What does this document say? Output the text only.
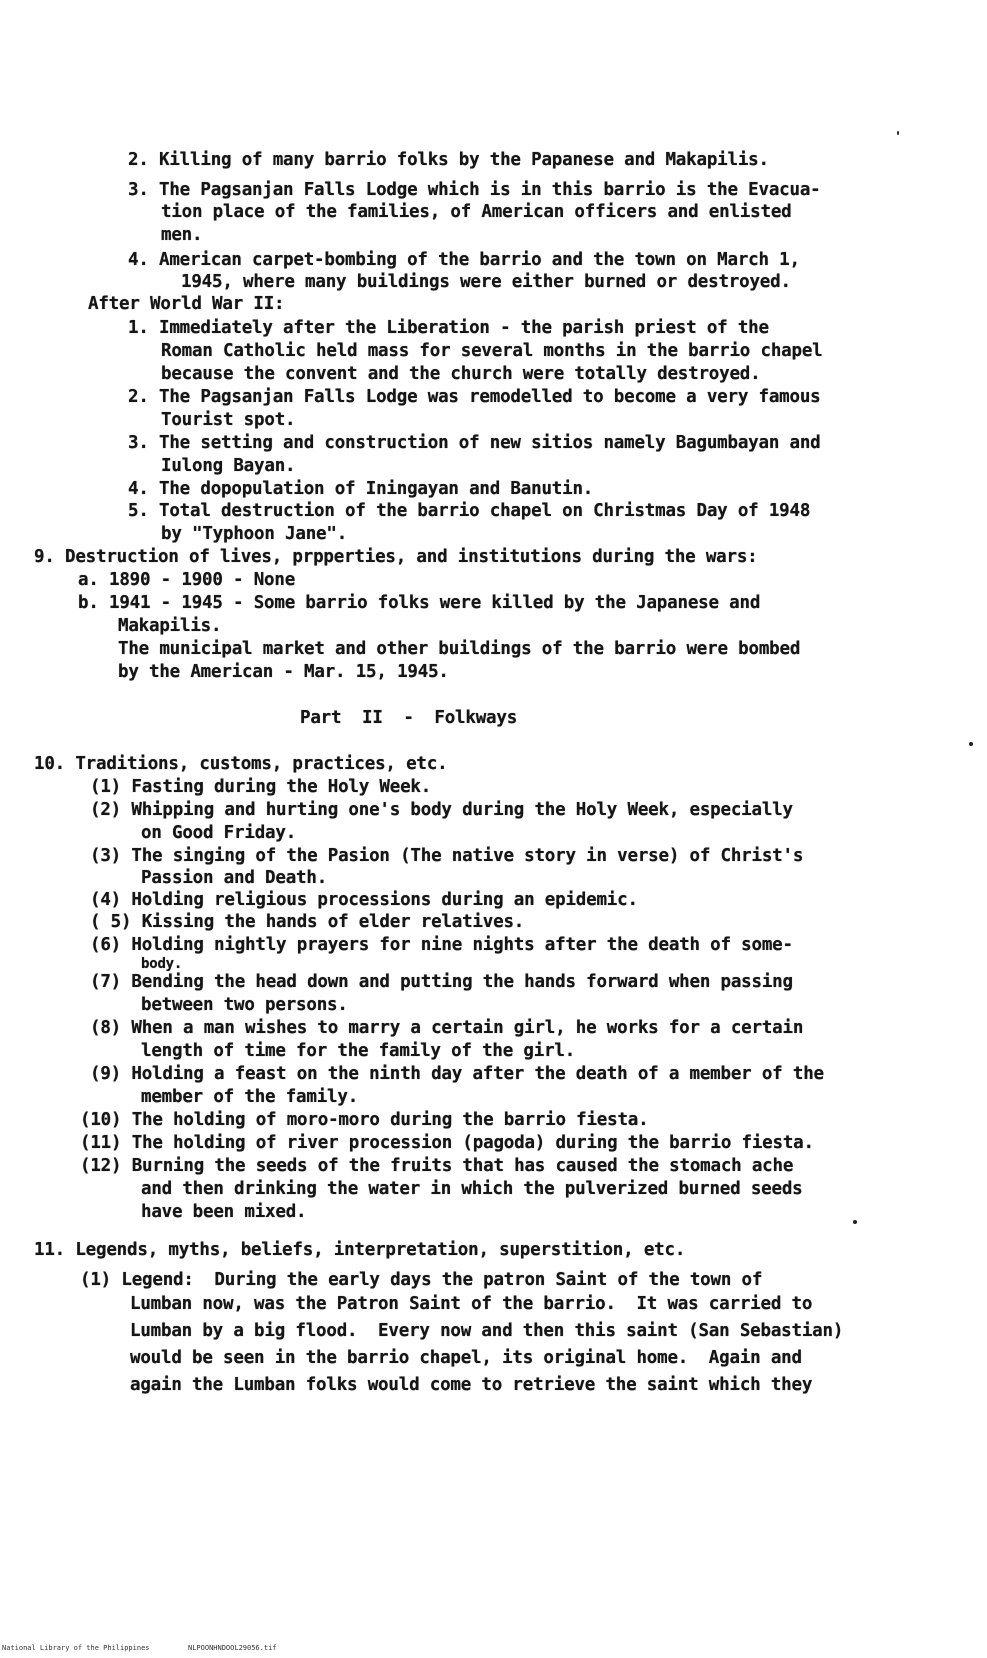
2. Killing of many barrio folks by the Papanese and Makapilis.
3. The Pagsanjan Falls Lodge which is in this barrio is the Evacua-
tion place of the families, of American officers and enlisted
men.
4. American carpet-bombing of the barrio and the town on March 1,
1945, where many buildings were either burned or destroyed.
After World War II:
1. Immediately after the Liberation - the parish priest of the
Roman Catholic held mass for several months in the barrio chapel
because the convent and the church were totally destroyed.
2. The Pagsanjan Falls Lodge was remodelled to become a very famous
Tourist spot.
3. The setting and construction of new sitios namely Bagumbayan and
Iulong Bayan.
4. The dopopulation of Iningayan and Banutin.
5. Total destruction of the barrio chapel on Christmas Day of 1948
by "Typhoon Jane".
9. Destruction of lives, prpperties, and institutions during the wars:
a. 1890 - 1900 - None
b. 1941 - 1945 - Some barrio folks were killed by the Japanese and
Makapilis.
The municipal market and other buildings of the barrio were bombed
by the American - Mar. 15, 1945.
Part  II  -  Folkways
10. Traditions, customs, practices, etc.
(1) Fasting during the Holy Week.
(2) Whipping and hurting one's body during the Holy Week, especially
on Good Friday.
(3) The singing of the Pasion (The native story in verse) of Christ's
Passion and Death.
(4) Holding religious processions during an epidemic.
( 5) Kissing the hands of elder relatives.
(6) Holding nightly prayers for nine nights after the death of some-
body.
(7) Bending the head down and putting the hands forward when passing
between two persons.
(8) When a man wishes to marry a certain girl, he works for a certain
length of time for the family of the girl.
(9) Holding a feast on the ninth day after the death of a member of the
member of the family.
(10) The holding of moro-moro during the barrio fiesta.
(11) The holding of river procession (pagoda) during the barrio fiesta.
(12) Burning the seeds of the fruits that has caused the stomach ache
and then drinking the water in which the pulverized burned seeds
have been mixed.
11. Legends, myths, beliefs, interpretation, superstition, etc.
(1) Legend:  During the early days the patron Saint of the town of
Lumban now, was the Patron Saint of the barrio.  It was carried to
Lumban by a big flood.  Every now and then this saint (San Sebastian)
would be seen in the barrio chapel, its original home.  Again and
again the Lumban folks would come to retrieve the saint which they
National Library of the Philippines	NLPOONHNDOOL29056.tif
